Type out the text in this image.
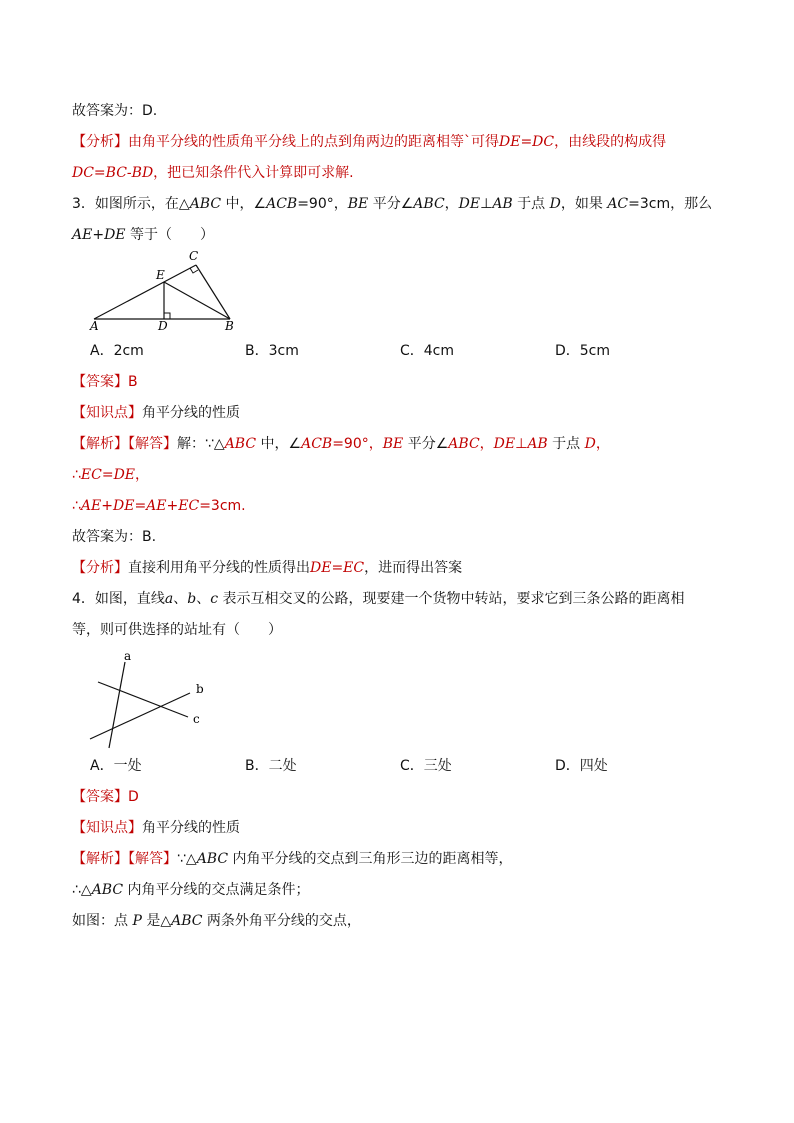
故答案为：D.
【分析】由角平分线的性质角平分线上的点到角两边的距离相等`可得DE=DC，由线段的构成得
DC=BC-BD，把已知条件代入计算即可求解.
3．如图所示，在△ABC 中，∠ACB=90°，BE 平分∠ABC，DE⊥AB 于点 D，如果 AC=3cm，那么
AE+DE 等于（　　）
A	B
C
D
E
A．2cm	B．3cm	C．4cm	D．5cm
【答案】B
【知识点】角平分线的性质
【解析】【解答】解：∵△ABC 中，∠ACB=90°，BE 平分∠ABC，DE⊥AB 于点 D，
∴EC=DE，
∴AE+DE=AE+EC=3cm.
故答案为：B.
【分析】直接利用角平分线的性质得出DE=EC，进而得出答案
4．如图，直线a、b、c 表示互相交叉的公路，现要建一个货物中转站，要求它到三条公路的距离相
等，则可供选择的站址有（　　）
a
b
c
A．一处	B．二处	C．三处	D．四处
【答案】D
【知识点】角平分线的性质
【解析】【解答】∵△ABC 内角平分线的交点到三角形三边的距离相等，
∴△ABC 内角平分线的交点满足条件；
如图：点 P 是△ABC 两条外角平分线的交点，
